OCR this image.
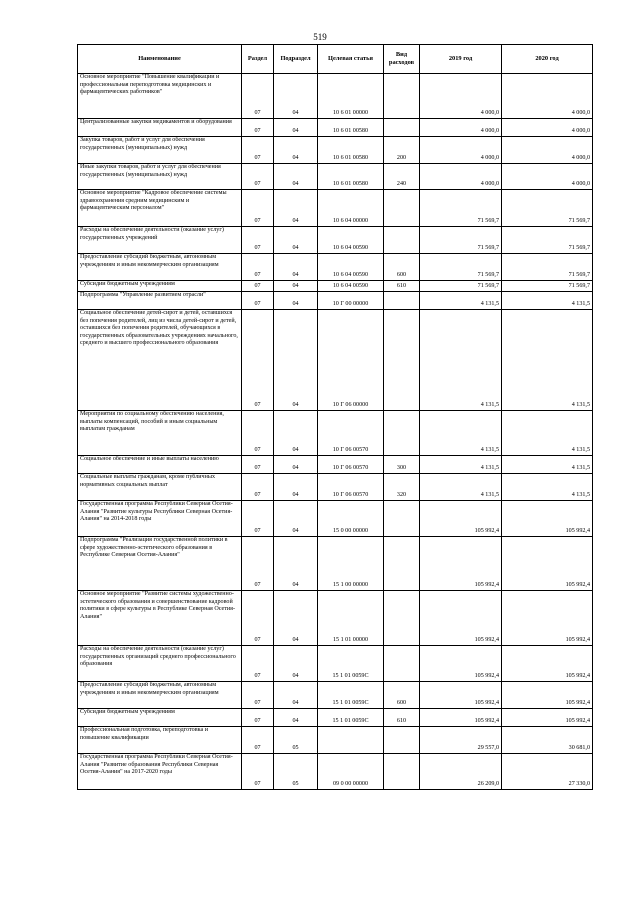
519
Наименование	Раздел	Подраздел	Целевая статья	Вид расходов	2019 год	2020 год
Основное мероприятие "Повышение квалификации и профессиональная переподготовка медицинских и фармацевтических работников"	07	04	10 6 01 00000		4 000,0	4 000,0
Централизованные закупки медикаментов и оборудования	07	04	10 6 01 00580		4 000,0	4 000,0
Закупка товаров, работ и услуг для обеспечения государственных (муниципальных) нужд	07	04	10 6 01 00580	200	4 000,0	4 000,0
Иные закупки товаров, работ и услуг для обеспечения государственных (муниципальных) нужд	07	04	10 6 01 00580	240	4 000,0	4 000,0
Основное мероприятие "Кадровое обеспечение системы здравоохранения средним медицинским и фармацевтическим персоналом"	07	04	10 6 04 00000		71 569,7	71 569,7
Расходы на обеспечение деятельности (оказание услуг) государственных учреждений	07	04	10 6 04 00590		71 569,7	71 569,7
Предоставление субсидий бюджетным, автономным учреждениям и иным некоммерческим организациям	07	04	10 6 04 00590	600	71 569,7	71 569,7
Субсидии бюджетным учреждениям	07	04	10 6 04 00590	610	71 569,7	71 569,7
Подпрограмма "Управление развитием отрасли"	07	04	10 Г 00 00000		4 131,5	4 131,5
Социальное обеспечение детей-сирот и детей, оставшихся без попечения родителей, лиц из числа детей-сирот и детей, оставшихся без попечения родителей, обучающихся в государственных образовательных учреждениях начального, среднего и высшего профессионального образования	07	04	10 Г 06 00000		4 131,5	4 131,5
Мероприятия по социальному обеспечению населения, выплаты компенсаций, пособий и иным социальным выплатам гражданам	07	04	10 Г 06 00570		4 131,5	4 131,5
Социальное обеспечение и иные выплаты населению	07	04	10 Г 06 00570	300	4 131,5	4 131,5
Социальные выплаты гражданам, кроме публичных нормативных социальных выплат	07	04	10 Г 06 00570	320	4 131,5	4 131,5
Государственная программа Республики Северная Осетия-Алания "Развитие культуры Республики Северная Осетия-Алания" на 2014-2018 годы	07	04	15 0 00 00000		105 992,4	105 992,4
Подпрограмма "Реализация государственной политики в сфере художественно-эстетического образования в Республике Северная Осетия-Алания"	07	04	15 1 00 00000		105 992,4	105 992,4
Основное мероприятие "Развитие системы художественно-эстетического образования и совершенствование кадровой политики в сфере культуры в Республике Северная Осетия-Алания"	07	04	15 1 01 00000		105 992,4	105 992,4
Расходы на обеспечение деятельности (оказание услуг) государственных организаций среднего профессионального образования	07	04	15 1 01 0059С		105 992,4	105 992,4
Предоставление субсидий бюджетным, автономным учреждениям и иным некоммерческим организациям	07	04	15 1 01 0059С	600	105 992,4	105 992,4
Субсидии бюджетным учреждениям	07	04	15 1 01 0059С	610	105 992,4	105 992,4
Профессиональная подготовка, переподготовка и повышение квалификации	07	05			29 557,0	30 681,0
Государственная программа Республики Северная Осетия-Алания "Развитие образования Республики Северная Осетия-Алания" на 2017-2020 годы	07	05	09 0 00 00000		26 209,0	27 330,0
